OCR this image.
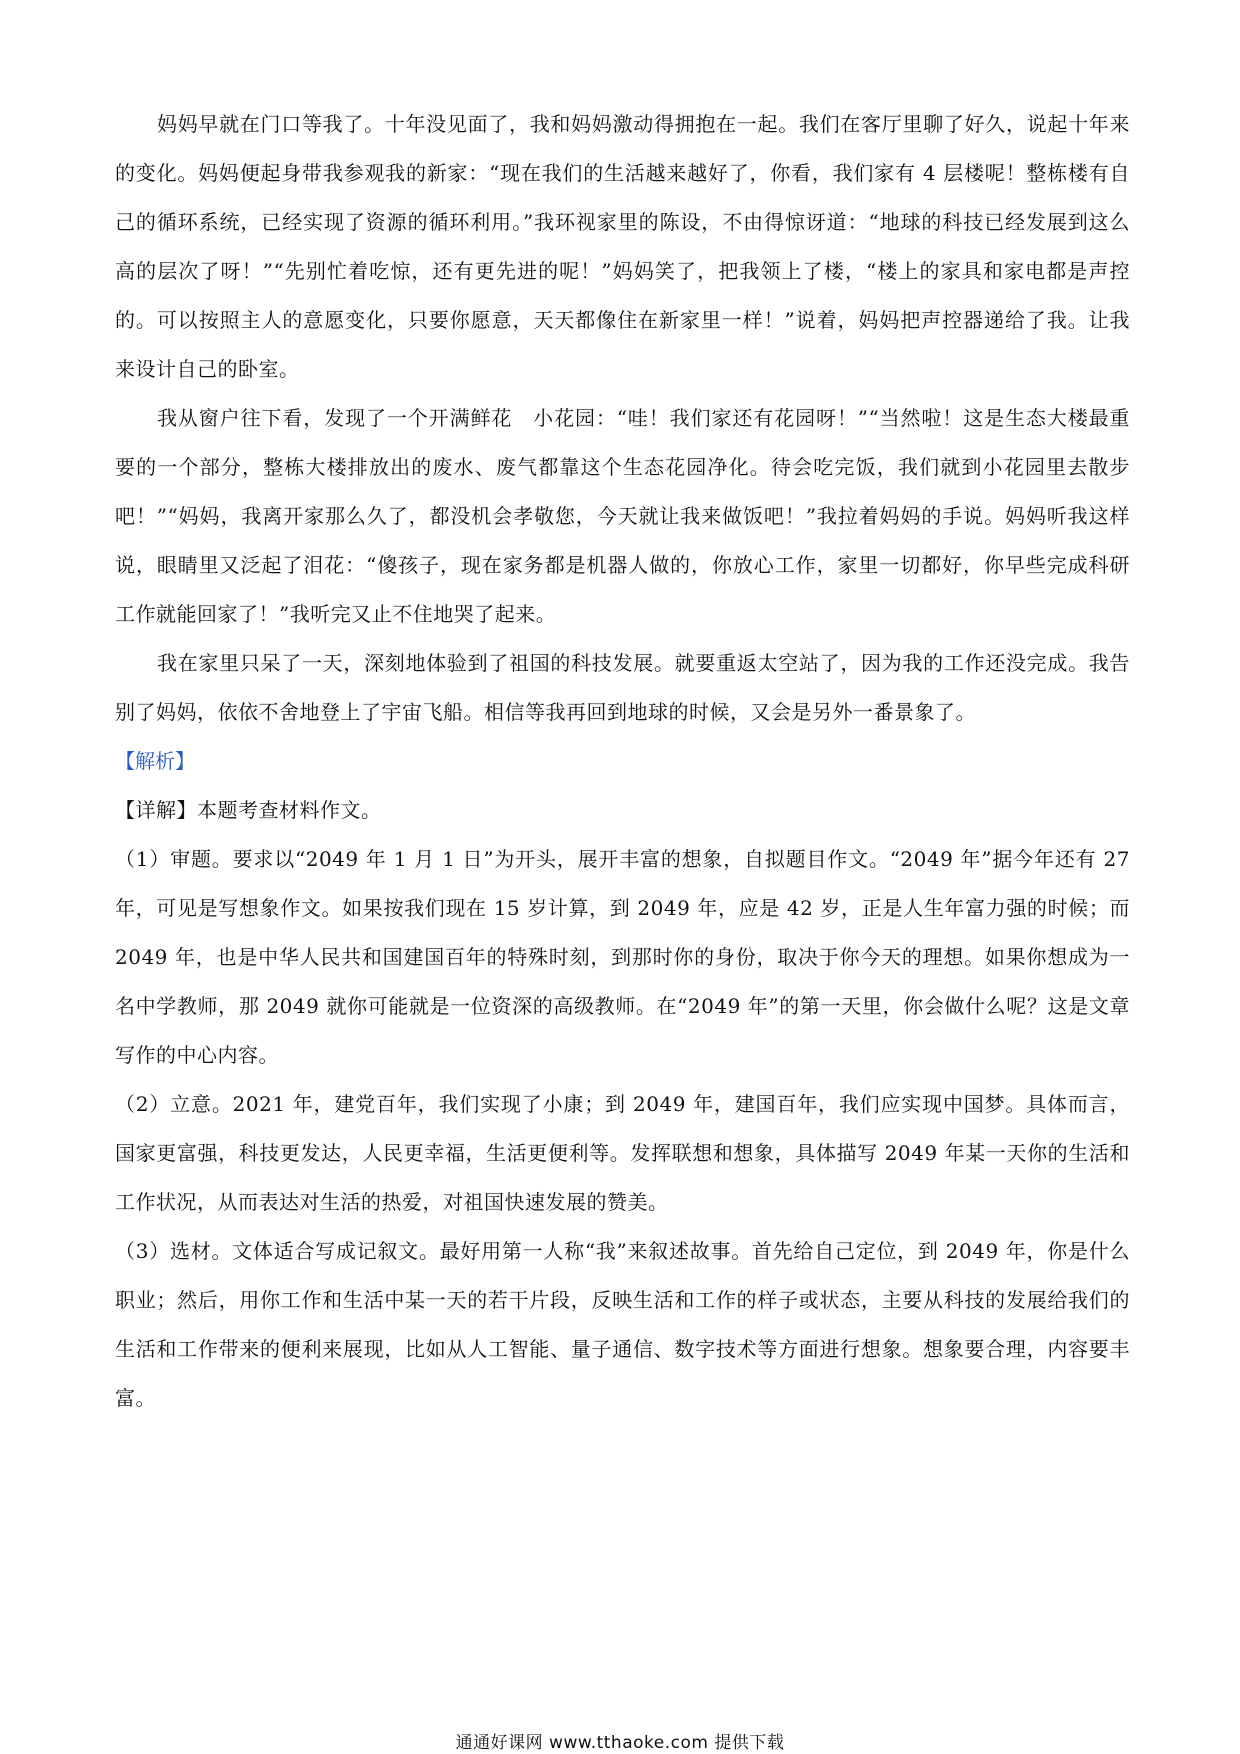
妈妈早就在门口等我了。十年没见面了，我和妈妈激动得拥抱在一起。我们在客厅里聊了好久，说起十年来的变化。妈妈便起身带我参观我的新家：“现在我们的生活越来越好了，你看，我们家有 4 层楼呢！整栋楼有自己的循环系统，已经实现了资源的循环利用。”我环视家里的陈设，不由得惊讶道：“地球的科技已经发展到这么高的层次了呀！”“先别忙着吃惊，还有更先进的呢！”妈妈笑了，把我领上了楼，“楼上的家具和家电都是声控的。可以按照主人的意愿变化，只要你愿意，天天都像住在新家里一样！”说着，妈妈把声控器递给了我。让我来设计自己的卧室。

我从窗户往下看，发现了一个开满鲜花　小花园：“哇！我们家还有花园呀！”“当然啦！这是生态大楼最重要的一个部分，整栋大楼排放出的废水、废气都靠这个生态花园净化。待会吃完饭，我们就到小花园里去散步吧！”“妈妈，我离开家那么久了，都没机会孝敬您，今天就让我来做饭吧！”我拉着妈妈的手说。妈妈听我这样说，眼睛里又泛起了泪花：“傻孩子，现在家务都是机器人做的，你放心工作，家里一切都好，你早些完成科研工作就能回家了！”我听完又止不住地哭了起来。

我在家里只呆了一天，深刻地体验到了祖国的科技发展。就要重返太空站了，因为我的工作还没完成。我告别了妈妈，依依不舍地登上了宇宙飞船。相信等我再回到地球的时候，又会是另外一番景象了。

【解析】

【详解】本题考查材料作文。

（1）审题。要求以“2049 年 1 月 1 日”为开头，展开丰富的想象，自拟题目作文。“2049 年”据今年还有 27 年，可见是写想象作文。如果按我们现在 15 岁计算，到 2049 年，应是 42 岁，正是人生年富力强的时候；而 2049 年，也是中华人民共和国建国百年的特殊时刻，到那时你的身份，取决于你今天的理想。如果你想成为一名中学教师，那 2049 就你可能就是一位资深的高级教师。在“2049 年”的第一天里，你会做什么呢？这是文章写作的中心内容。

（2）立意。2021 年，建党百年，我们实现了小康；到 2049 年，建国百年，我们应实现中国梦。具体而言，国家更富强，科技更发达，人民更幸福，生活更便利等。发挥联想和想象，具体描写 2049 年某一天你的生活和工作状况，从而表达对生活的热爱，对祖国快速发展的赞美。

（3）选材。文体适合写成记叙文。最好用第一人称“我”来叙述故事。首先给自己定位，到 2049 年，你是什么职业；然后，用你工作和生活中某一天的若干片段，反映生活和工作的样子或状态，主要从科技的发展给我们的生活和工作带来的便利来展现，比如从人工智能、量子通信、数字技术等方面进行想象。想象要合理，内容要丰富。

通通好课网 www.tthaoke.com 提供下载
